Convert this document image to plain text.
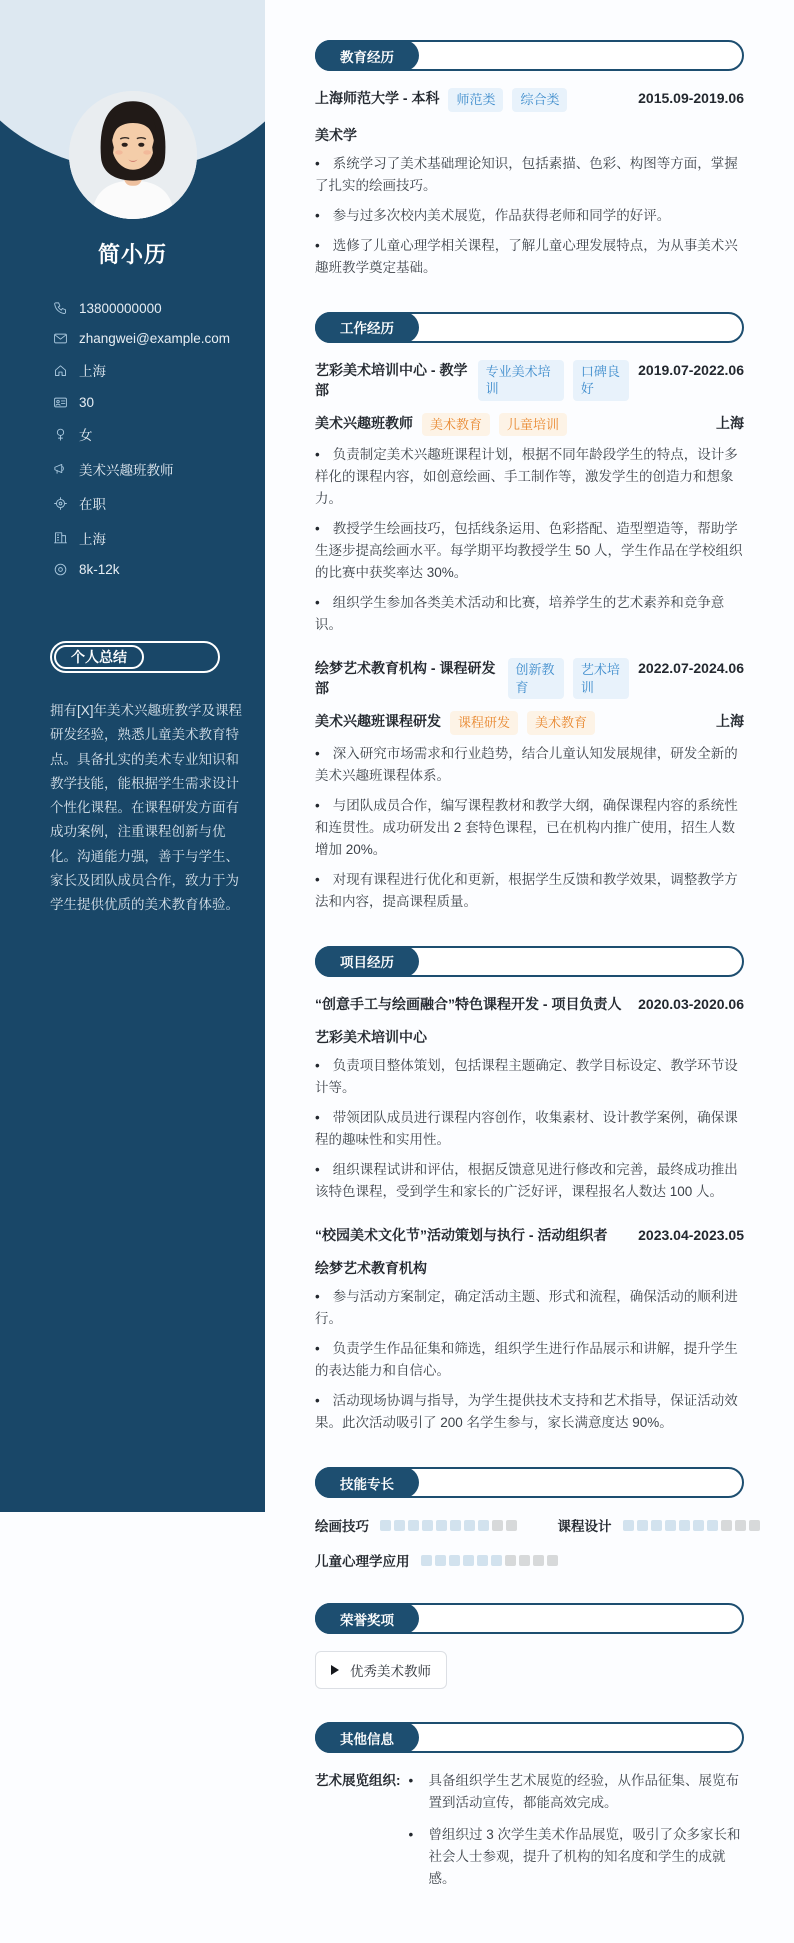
简小历
13800000000
zhangwei@example.com
上海
30
女
美术兴趣班教师
在职
上海
8k-12k
个人总结

拥有[X]年美术兴趣班教学及课程研发经验，熟悉儿童美术教育特点。具备扎实的美术专业知识和教学技能，能根据学生需求设计个性化课程。在课程研发方面有成功案例，注重课程创新与优化。沟通能力强，善于与学生、家长及团队成员合作，致力于为学生提供优质的美术教育体验。

教育经历
上海师范大学 - 本科	师范类	综合类	2015.09-2019.06
美术学

• 系统学习了美术基础理论知识，包括素描、色彩、构图等方面，掌握了扎实的绘画技巧。

• 参与过多次校内美术展览，作品获得老师和同学的好评。

• 选修了儿童心理学相关课程，了解儿童心理发展特点，为从事美术兴趣班教学奠定基础。

工作经历
艺彩美术培训中心 - 教学部
专业美术培训
口碑良好
2019.07-2022.06
美术兴趣班教师	美术教育	儿童培训	上海

• 负责制定美术兴趣班课程计划，根据不同年龄段学生的特点，设计多样化的课程内容，如创意绘画、手工制作等，激发学生的创造力和想象力。

• 教授学生绘画技巧，包括线条运用、色彩搭配、造型塑造等，帮助学生逐步提高绘画水平。每学期平均教授学生 50 人，学生作品在学校组织的比赛中获奖率达 30%。

• 组织学生参加各类美术活动和比赛，培养学生的艺术素养和竞争意识。

绘梦艺术教育机构 - 课程研发部
创新教育
艺术培训
2022.07-2024.06
美术兴趣班课程研发	课程研发	美术教育	上海

• 深入研究市场需求和行业趋势，结合儿童认知发展规律，研发全新的美术兴趣班课程体系。

• 与团队成员合作，编写课程教材和教学大纲，确保课程内容的系统性和连贯性。成功研发出 2 套特色课程，已在机构内推广使用，招生人数增加 20%。

• 对现有课程进行优化和更新，根据学生反馈和教学效果，调整教学方法和内容，提高课程质量。

项目经历
“创意手工与绘画融合”特色课程开发 - 项目负责人 2020.03-2020.06
艺彩美术培训中心

• 负责项目整体策划，包括课程主题确定、教学目标设定、教学环节设计等。

• 带领团队成员进行课程内容创作，收集素材、设计教学案例，确保课程的趣味性和实用性。

• 组织课程试讲和评估，根据反馈意见进行修改和完善，最终成功推出该特色课程，受到学生和家长的广泛好评，课程报名人数达 100 人。

“校园美术文化节”活动策划与执行 - 活动组织者 2023.04-2023.05
绘梦艺术教育机构

• 参与活动方案制定，确定活动主题、形式和流程，确保活动的顺利进行。

• 负责学生作品征集和筛选，组织学生进行作品展示和讲解，提升学生的表达能力和自信心。

• 活动现场协调与指导，为学生提供技术支持和艺术指导，保证活动效果。此次活动吸引了 200 名学生参与，家长满意度达 90%。

技能专长
绘画技巧	课程设计
儿童心理学应用
荣誉奖项
优秀美术教师
其他信息
艺术展览组织:	• 具备组织学生艺术展览的经验，从作品征集、展览布置到活动宣传，都能高效完成。

• 曾组织过 3 次学生美术作品展览，吸引了众多家长和社会人士参观，提升了机构的知名度和学生的成就感。
